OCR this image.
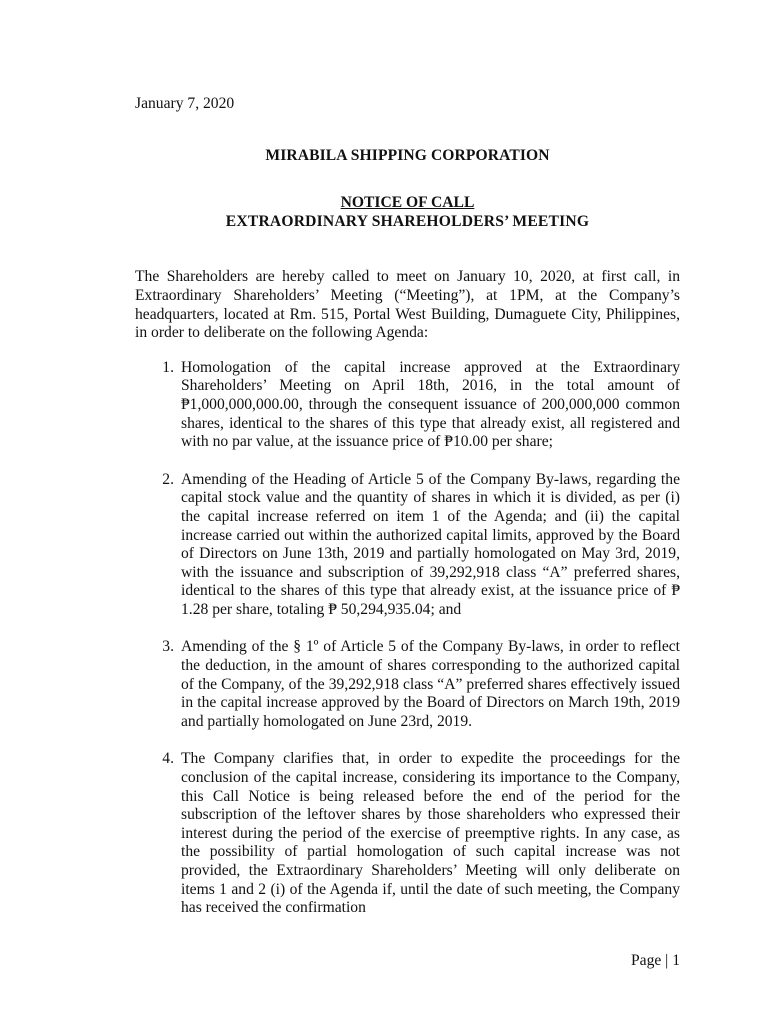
January 7, 2020

MIRABILA SHIPPING CORPORATION

NOTICE OF CALL

EXTRAORDINARY SHAREHOLDERS’ MEETING

The Shareholders are hereby called to meet on January 10, 2020, at first call, in Extraordinary Shareholders’ Meeting (“Meeting”), at 1PM, at the Company’s headquarters, located at Rm. 515, Portal West Building, Dumaguete City, Philippines, in order to deliberate on the following Agenda:

1. Homologation of the capital increase approved at the Extraordinary Shareholders’ Meeting on April 18th, 2016, in the total amount of ₱1,000,000,000.00, through the consequent issuance of 200,000,000 common shares, identical to the shares of this type that already exist, all registered and with no par value, at the issuance price of ₱10.00 per share;
2. Amending of the Heading of Article 5 of the Company By-laws, regarding the capital stock value and the quantity of shares in which it is divided, as per (i) the capital increase referred on item 1 of the Agenda; and (ii) the capital increase carried out within the authorized capital limits, approved by the Board of Directors on June 13th, 2019 and partially homologated on May 3rd, 2019, with the issuance and subscription of 39,292,918 class “A” preferred shares, identical to the shares of this type that already exist, at the issuance price of ₱ 1.28 per share, totaling ₱ 50,294,935.04; and
3. Amending of the § 1º of Article 5 of the Company By-laws, in order to reflect the deduction, in the amount of shares corresponding to the authorized capital of the Company, of the 39,292,918 class “A” preferred shares effectively issued in the capital increase approved by the Board of Directors on March 19th, 2019 and partially homologated on June 23rd, 2019.
4. The Company clarifies that, in order to expedite the proceedings for the conclusion of the capital increase, considering its importance to the Company, this Call Notice is being released before the end of the period for the subscription of the leftover shares by those shareholders who expressed their interest during the period of the exercise of preemptive rights. In any case, as the possibility of partial homologation of such capital increase was not provided, the Extraordinary Shareholders’ Meeting will only deliberate on items 1 and 2 (i) of the Agenda if, until the date of such meeting, the Company has received the confirmation
Page | 1
